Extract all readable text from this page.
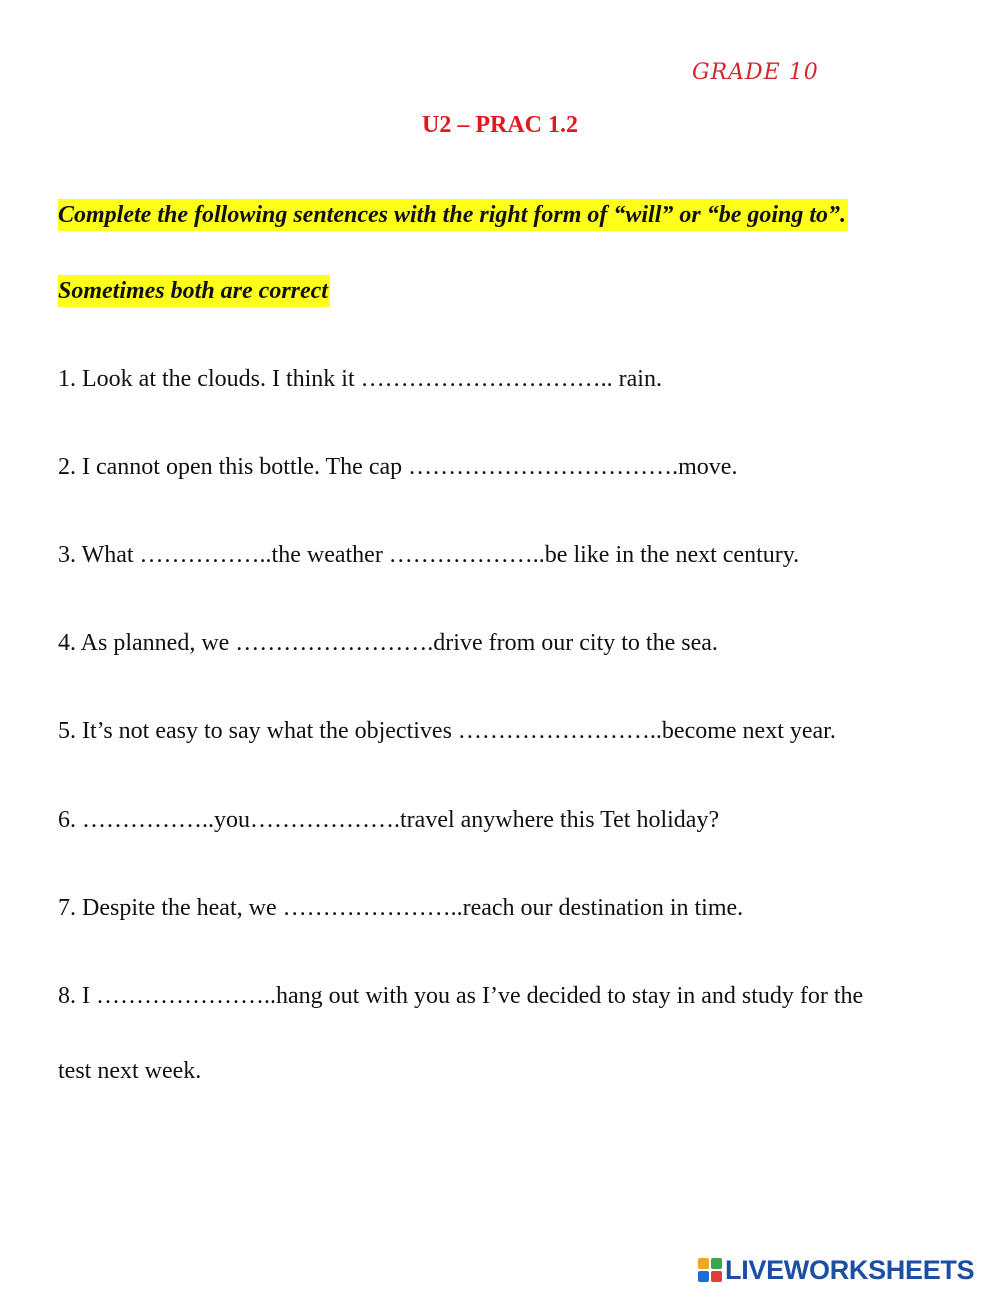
GRADE 10
U2 – PRAC 1.2
Complete the following sentences with the right form of “will” or “be going to”.
Sometimes both are correct
1. Look at the clouds. I think it ………………………….. rain.
2. I cannot open this bottle. The cap …………………………….move.
3. What ……………..the weather ………………..be like in the next century.
4. As planned, we …………………….drive from our city to the sea.
5. It’s not easy to say what the objectives ……………………..become next year.
6. ……………..you……………….travel anywhere this Tet holiday?
7. Despite the heat, we …………………..reach our destination in time.
8. I …………………..hang out with you as I’ve decided to stay in and study for the
test next week.
LIVEWORKSHEETS
